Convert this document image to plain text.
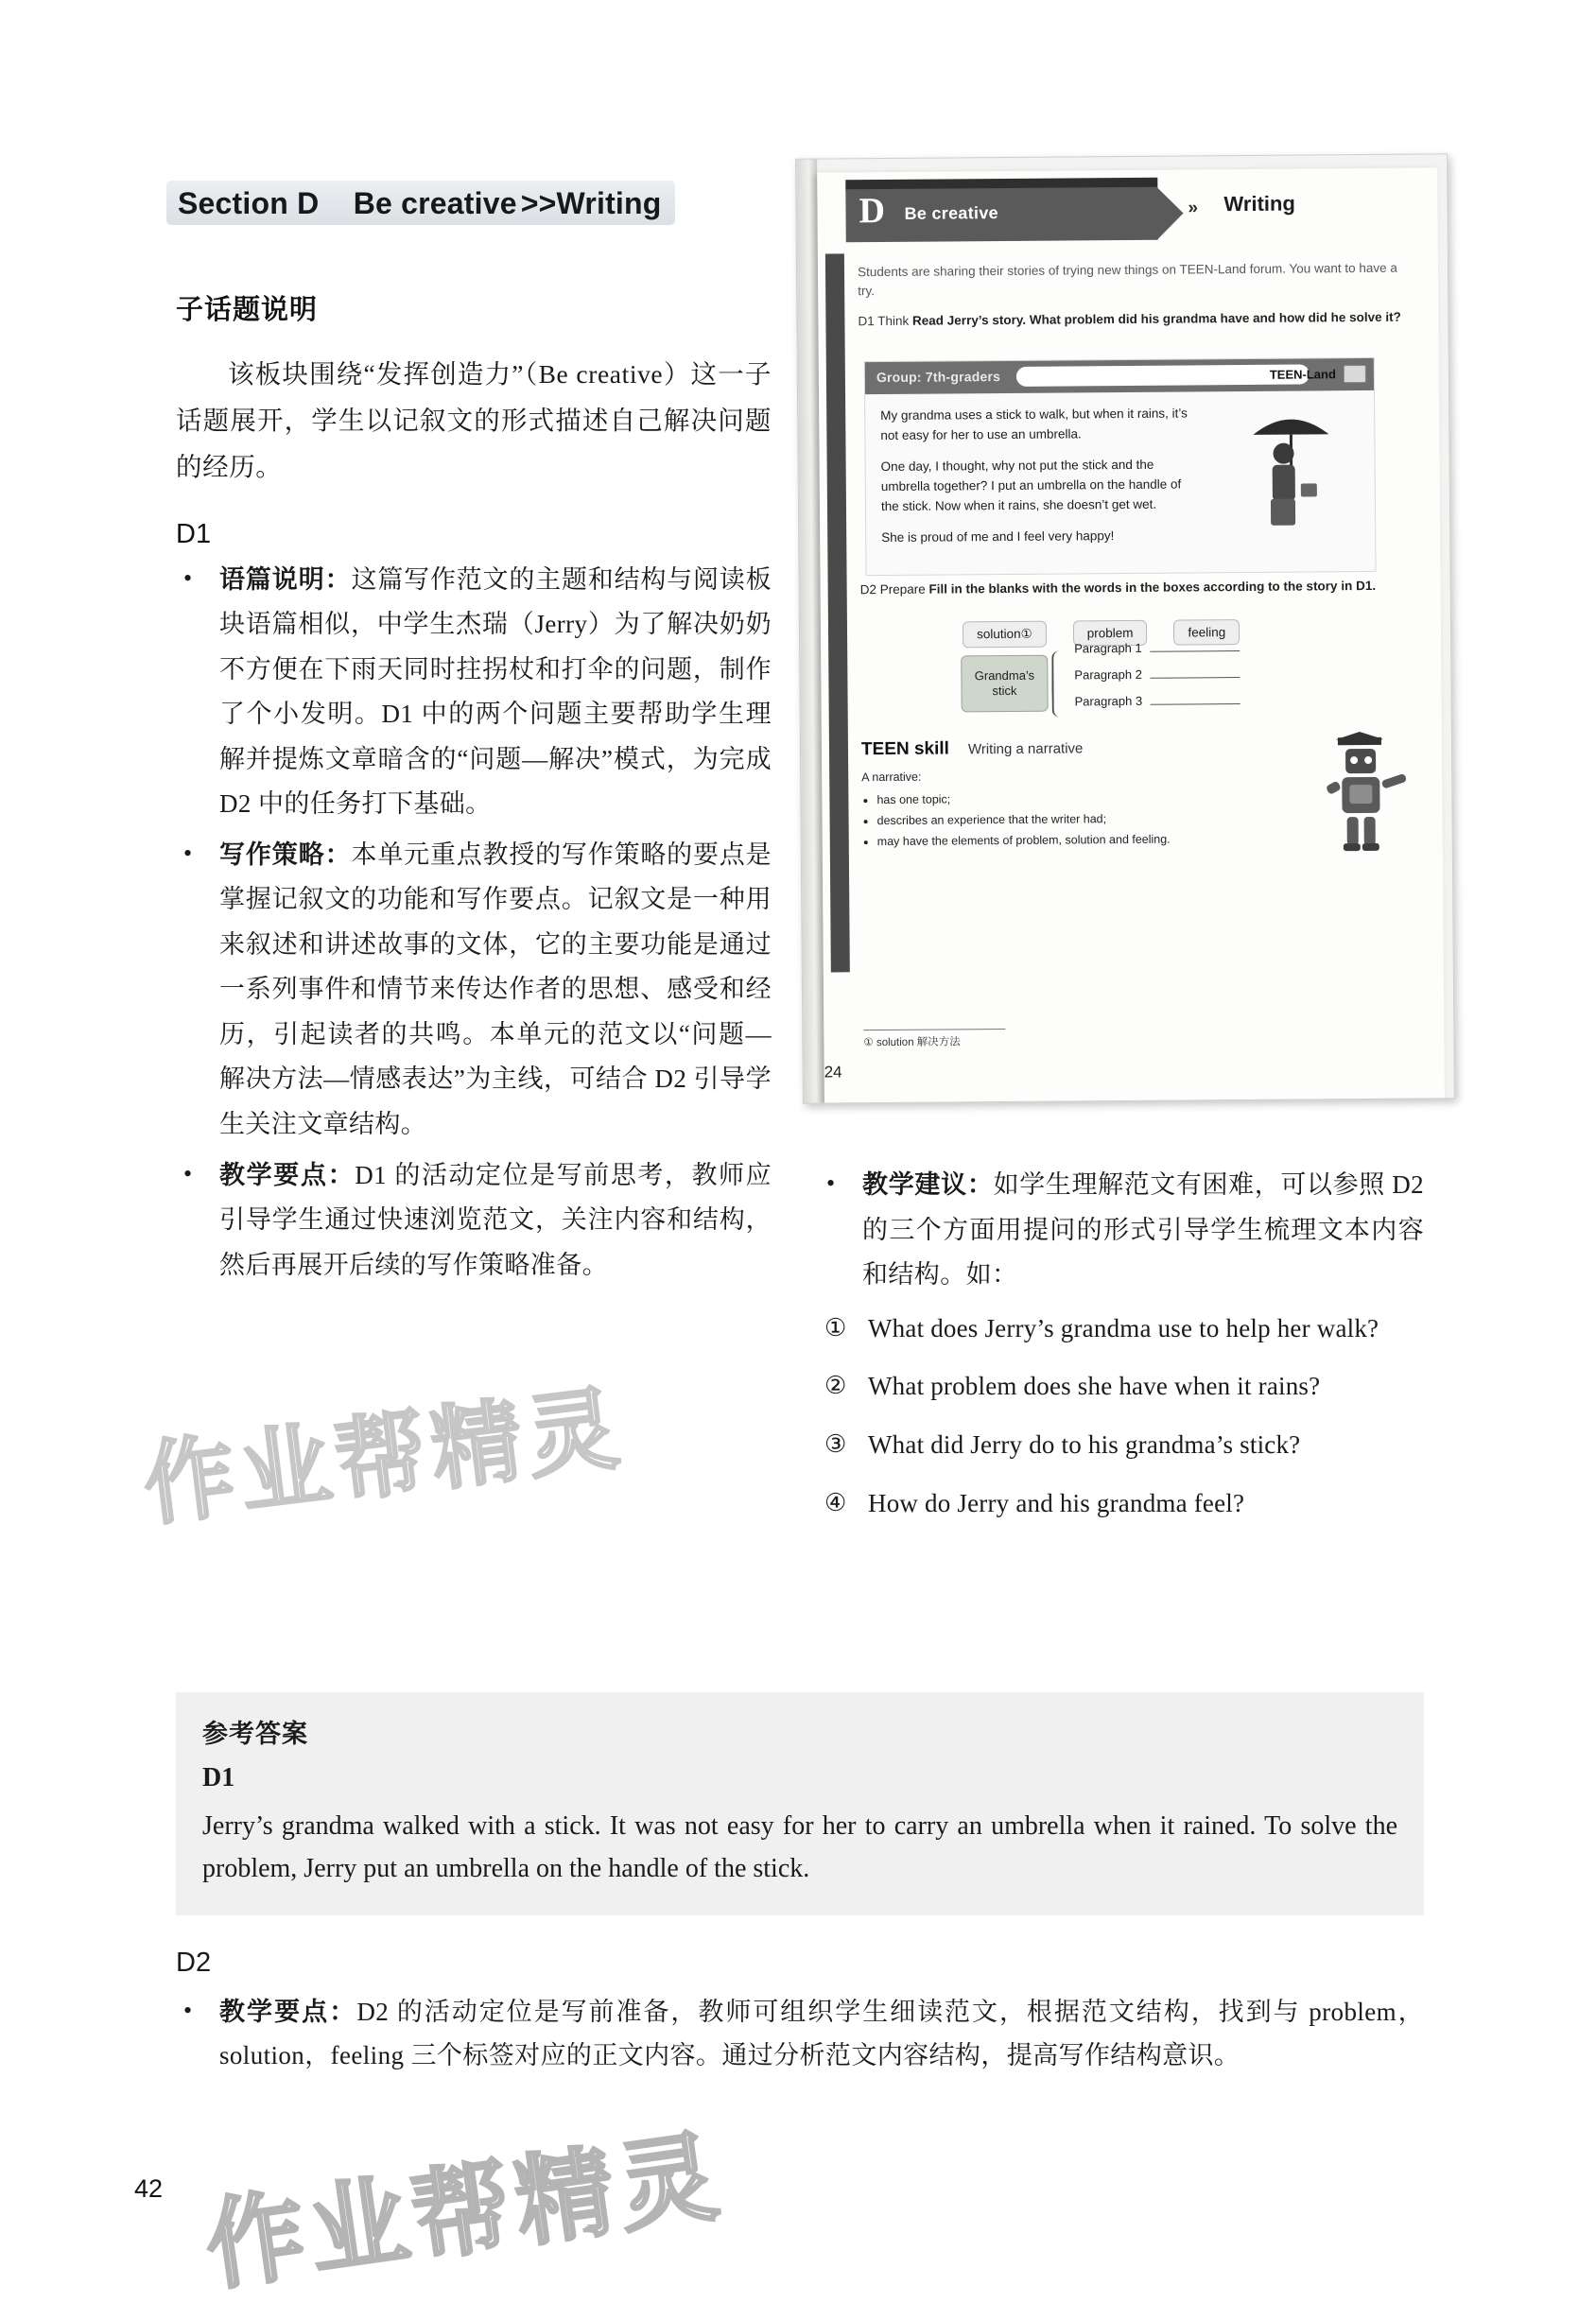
Section D    Be creative >>Writing
子话题说明

该板块围绕“发挥创造力”（Be creative）这一子话题展开，学生以记叙文的形式描述自己解决问题的经历。

D1
• 语篇说明：这篇写作范文的主题和结构与阅读板块语篇相似，中学生杰瑞（Jerry）为了解决奶奶不方便在下雨天同时拄拐杖和打伞的问题，制作了个小发明。D1 中的两个问题主要帮助学生理解并提炼文章暗含的“问题—解决”模式，为完成 D2 中的任务打下基础。
• 写作策略：本单元重点教授的写作策略的要点是掌握记叙文的功能和写作要点。记叙文是一种用来叙述和讲述故事的文体，它的主要功能是通过一系列事件和情节来传达作者的思想、感受和经历，引起读者的共鸣。本单元的范文以“问题—解决方法—情感表达”为主线，可结合 D2 引导学生关注文章结构。
• 教学要点：D1 的活动定位是写前思考，教师应引导学生通过快速浏览范文，关注内容和结构，然后再展开后续的写作策略准备。
• 教学建议：如学生理解范文有困难，可以参照 D2 的三个方面用提问的形式引导学生梳理文本内容和结构。如：
① What does Jerry’s grandma use to help her walk?
② What problem does she have when it rains?
③ What did Jerry do to his grandma’s stick?
④ How do Jerry and his grandma feel?
D Be creative	» Writing
Students are sharing their stories of trying new things on TEEN-Land forum. You want to have a try.
D1 Think Read Jerry’s story. What problem did his grandma have and how did he solve it?
Group: 7th-graders	TEEN-Land

My grandma uses a stick to walk, but when it rains, it’s not easy for her to use an umbrella.

One day, I thought, why not put the stick and the umbrella together? I put an umbrella on the handle of the stick. Now when it rains, she doesn’t get wet.

She is proud of me and I feel very happy!

D2 Prepare Fill in the blanks with the words in the boxes according to the story in D1.
solution①	problem	feeling
Grandma’s stick
Paragraph 1
Paragraph 2
Paragraph 3
TEEN skill Writing a narrative
A narrative:
• has one topic;
• describes an experience that the writer had;
• may have the elements of problem, solution and feeling.
① solution 解决方法
24
参考答案
D1

Jerry’s grandma walked with a stick. It was not easy for her to carry an umbrella when it rained. To solve the problem, Jerry put an umbrella on the handle of the stick.

D2
• 教学要点：D2 的活动定位是写前准备，教师可组织学生细读范文，根据范文结构，找到与 problem，solution，feeling 三个标签对应的正文内容。通过分析范文内容结构，提高写作结构意识。
42
作业帮精灵
作业帮精灵
